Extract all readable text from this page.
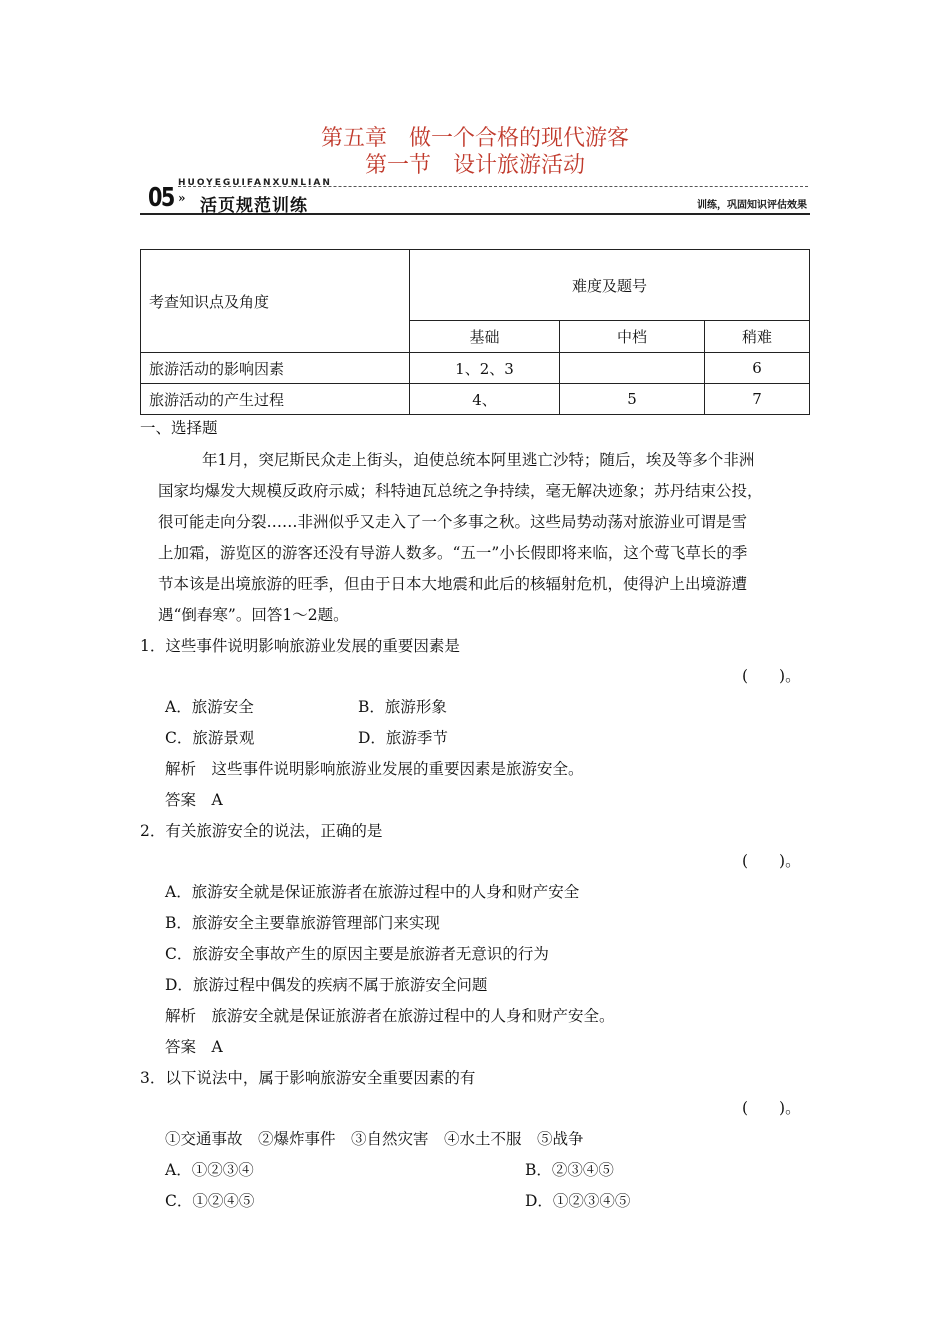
第五章　做一个合格的现代游客
第一节　设计旅游活动
HUOYEGUIFANXUNLIAN
05 » 活页规范训练	训练，巩固知识评估效果
考查知识点及角度	难度及题号		
	基础	中档	稍难
旅游活动的影响因素	1、2、3		6
旅游活动的产生过程	4、	5	7
一、选择题
年1月，突尼斯民众走上街头，迫使总统本阿里逃亡沙特；随后，埃及等多个非洲
国家均爆发大规模反政府示威；科特迪瓦总统之争持续，毫无解决迹象；苏丹结束公投，
很可能走向分裂……非洲似乎又走入了一个多事之秋。这些局势动荡对旅游业可谓是雪
上加霜，游览区的游客还没有导游人数多。“五一”小长假即将来临，这个莺飞草长的季
节本该是出境旅游的旺季，但由于日本大地震和此后的核辐射危机，使得沪上出境游遭
遇“倒春寒”。回答1～2题。
1．这些事件说明影响旅游业发展的重要因素是
(　　)。
A．旅游安全	B．旅游形象
C．旅游景观	D．旅游季节
解析　这些事件说明影响旅游业发展的重要因素是旅游安全。
答案　A
2．有关旅游安全的说法，正确的是
(　　)。
A．旅游安全就是保证旅游者在旅游过程中的人身和财产安全
B．旅游安全主要靠旅游管理部门来实现
C．旅游安全事故产生的原因主要是旅游者无意识的行为
D．旅游过程中偶发的疾病不属于旅游安全问题
解析　旅游安全就是保证旅游者在旅游过程中的人身和财产安全。
答案　A
3．以下说法中，属于影响旅游安全重要因素的有
(　　)。
①交通事故　②爆炸事件　③自然灾害　④水土不服　⑤战争
A．①②③④	B．②③④⑤
C．①②④⑤	D．①②③④⑤
